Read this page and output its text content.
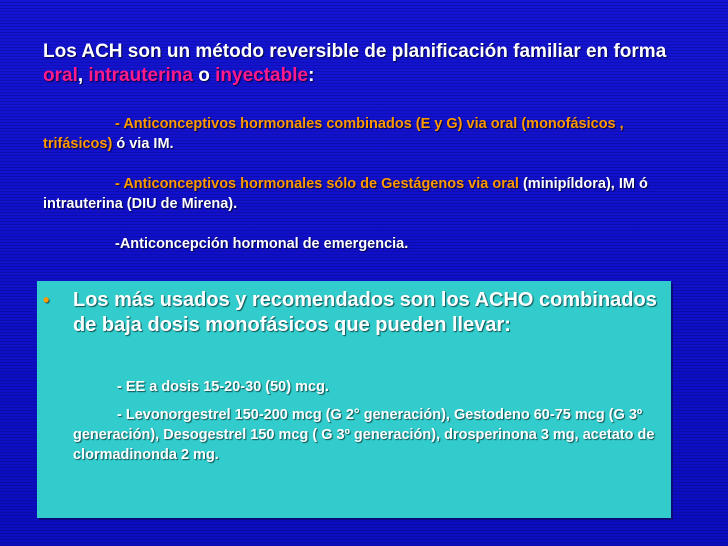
Los ACH son un método reversible de planificación familiar en forma oral, intrauterina o inyectable:

- Anticonceptivos hormonales combinados (E y G) via oral (monofásicos , trifásicos) ó via IM.

- Anticonceptivos hormonales sólo de Gestágenos via oral (minipíldora), IM ó intrauterina (DIU de Mirena).

-Anticoncepción hormonal de emergencia.

• Los más usados y recomendados son los ACHO combinados de baja dosis monofásicos que pueden llevar:
- EE a dosis 15-20-30 (50) mcg.
- Levonorgestrel 150-200 mcg (G 2° generación), Gestodeno 60-75 mcg (G 3º generación), Desogestrel 150 mcg ( G 3º generación), drosperinona 3 mg, acetato de clormadinonda 2 mg.
